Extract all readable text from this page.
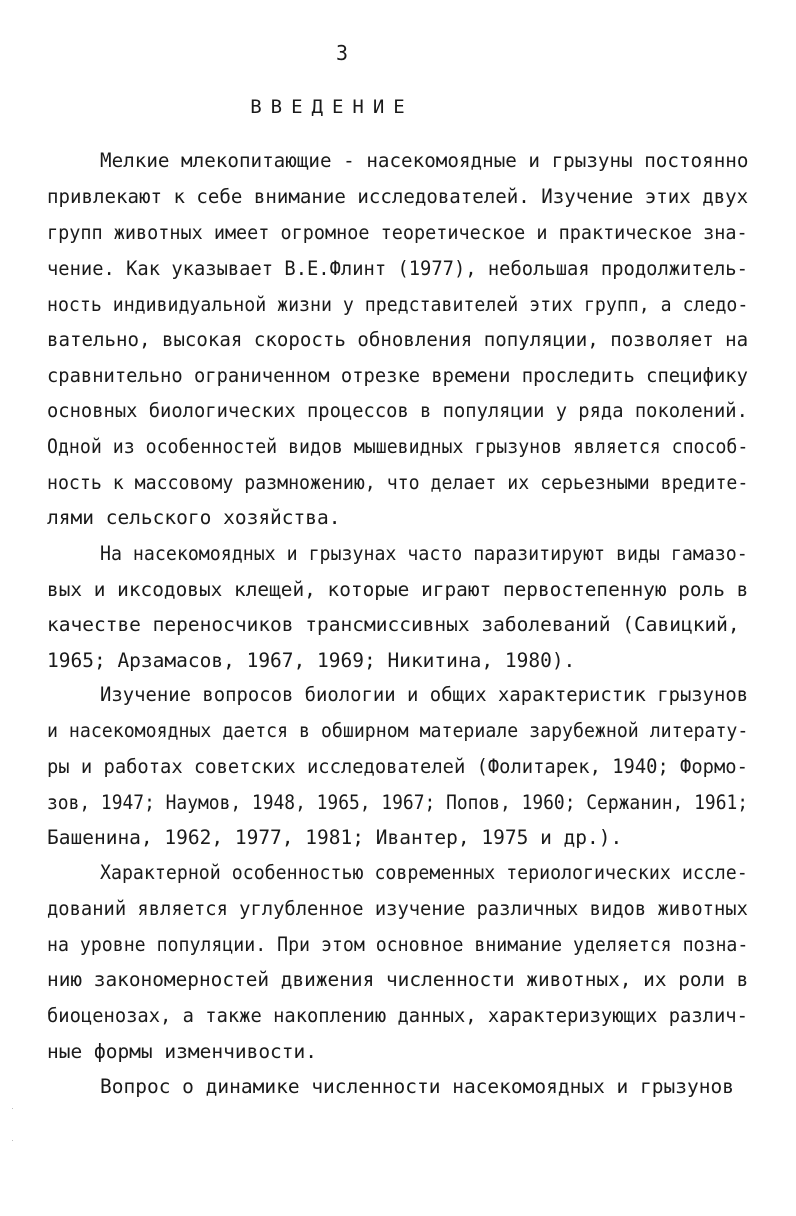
3
ВВЕДЕНИЕ
Мелкие млекопитающие - насекомоядные и грызуны постоянно
привлекают к себе внимание исследователей. Изучение этих двух
групп животных имеет огромное теоретическое и практическое зна-
чение. Как указывает В.Е.Флинт (1977), небольшая продолжитель-
ность индивидуальной жизни у представителей этих групп, а следо-
вательно, высокая скорость обновления популяции, позволяет на
сравнительно ограниченном отрезке времени проследить специфику
основных биологических процессов в популяции у ряда поколений.
Одной из особенностей видов мышевидных грызунов является способ-
ность к массовому размножению, что делает их серьезными вредите-
лями сельского хозяйства.
На насекомоядных и грызунах часто паразитируют виды гамазо-
вых и иксодовых клещей, которые играют первостепенную роль в
качестве переносчиков трансмиссивных заболеваний (Савицкий,
1965; Арзамасов, 1967, 1969; Никитина, 1980).
Изучение вопросов биологии и общих характеристик грызунов
и насекомоядных дается в обширном материале зарубежной литерату-
ры и работах советских исследователей (Фолитарек, 1940; Формо-
зов, 1947; Наумов, 1948, 1965, 1967; Попов, 1960; Сержанин, 1961;
Башенина, 1962, 1977, 1981; Ивантер, 1975 и др.).
Характерной особенностью современных териологических иссле-
дований является углубленное изучение различных видов животных
на уровне популяции. При этом основное внимание уделяется позна-
нию закономерностей движения численности животных, их роли в
биоценозах, а также накоплению данных, характеризующих различ-
ные формы изменчивости.
Вопрос о динамике численности насекомоядных и грызунов
